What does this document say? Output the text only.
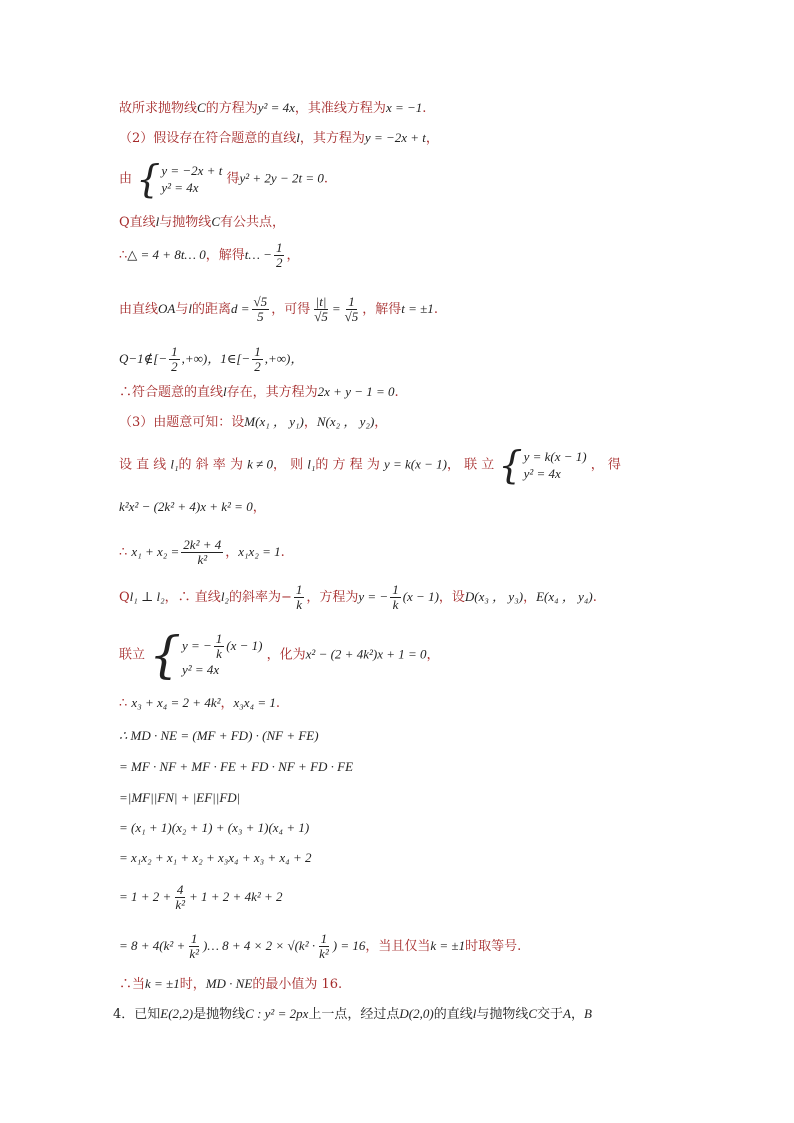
故所求抛物线C的方程为y² = 4x，其准线方程为x = −1.
（2）假设存在符合题意的直线l，其方程为y = −2x + t，
由 { y = −2x + t
y² = 4x
得y² + 2y − 2t = 0.
Q直线l与抛物线C有公共点，
∴△ = 4 + 8t… 0，解得t… − $\frac{1}{2}$ ，
由直线OA与l的距离$d = \frac{√5}{5}$ ，可得 $\frac{|t|}{√5} = \frac{1}{√5}$ ，解得t = ±1.
Q−1∉[− $\frac{1}{2}$ ,+∞)，1∈[− $\frac{1}{2}$ ,+∞)，
∴符合题意的直线l存在，其方程为2x + y − 1 = 0.
（3）由题意可知：设M(x₁ ， y₁)，N(x₂ ， y₂)，
设 直 线 l₁的 斜 率 为 k ≠ 0， 则 l₁的 方 程 为 y = k(x − 1)， 联 立 { y = k(x − 1)
y² = 4x
， 得
k²x² − (2k² + 4)x + k² = 0，
∴ $x_1 + x_2 = \frac{\text{2k² + 4}}{\text{k²}}$ ，x₁x₂ = 1.
Ql₁ ⊥ l₂，∴ 直线l₂的斜率为− $\frac{1}{k}$ ，方程为y = − $\frac{1}{k} (x - 1)$，设D(x₃ ， y₃)，E(x₄ ， y₄).
联立 { y = − $\frac{1}{k} (x - 1)$
y² = 4x
，化为x² − (2 + 4k²)x + 1 = 0，
∴ x₃ + x₄ = 2 + 4k²，x₃x₄ = 1.
∴ MD · NE = (MF + FD) · (NF + FE)
= MF · NF + MF · FE + FD · NF + FD · FE
=|MF||FN| + |EF||FD|
= (x₁ + 1)(x₂ + 1) + (x₃ + 1)(x₄ + 1)
= x₁x₂ + x₁ + x₂ + x₃x₄ + x₃ + x₄ + 2
= $1 + 2 + \frac{4}{\text{k²}} + 1 + 2 + 4k^2 + 2$
= $8 + 4(k^2 + \frac{1}{\text{k²}}$ )… $8 + 4 \times 2 \times √(k^2 \cdot \frac{1}{\text{k²}}$ ) = 16，当且仅当k = ±1时取等号.
∴当k = ±1时，MD · NE的最小值为 16.
4．已知E(2,2)是抛物线C : y² = 2px上一点，经过点D(2,0)的直线l与抛物线C交于A，B
